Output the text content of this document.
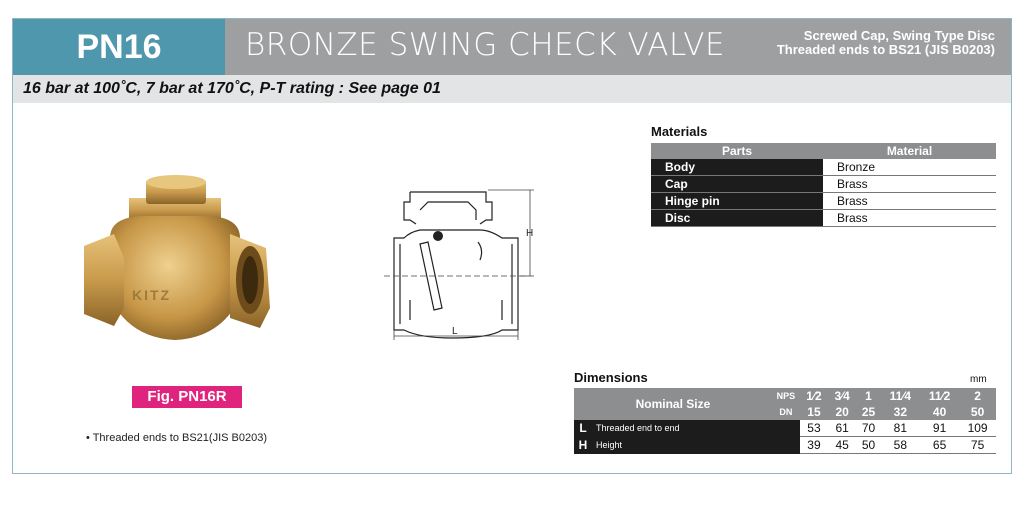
PN16	BRONZE SWING CHECK VALVE	Screwed Cap, Swing Type Disc
Threaded ends to BS21 (JIS B0203)
16 bar at 100˚C, 7 bar at 170˚C, P-T rating : See page 01
KITZ
Fig. PN16R
• Threaded ends to BS21(JIS B0203)
H
L
Materials
Parts	Material
Body	Bronze
Cap	Brass
Hinge pin	Brass
Disc	Brass
Dimensions	mm
Nominal Size		NPS	1⁄2	3⁄4	1	11⁄4	11⁄2	2
		DN	15	20	25	32	40	50
L	Threaded end to end		53	61	70	81	91	109
H	Height		39	45	50	58	65	75
